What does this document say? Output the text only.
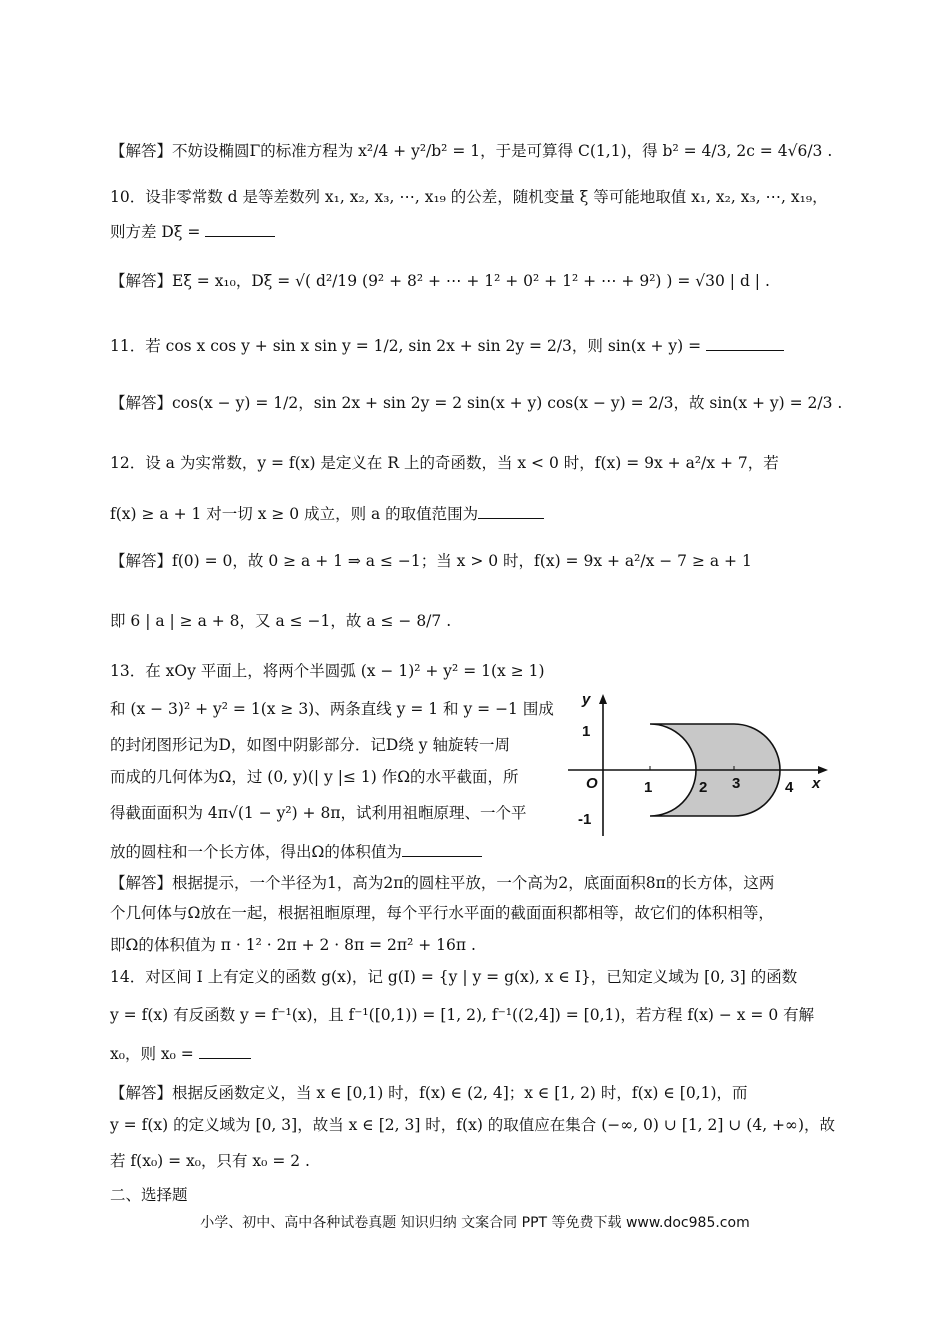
【解答】不妨设椭圆Γ的标准方程为 x²/4 + y²/b² = 1，于是可算得 C(1,1)，得 b² = 4/3, 2c = 4√6/3 .
10．设非零常数 d 是等差数列 x₁, x₂, x₃, ⋯, x₁₉ 的公差，随机变量 ξ 等可能地取值 x₁, x₂, x₃, ⋯, x₁₉，
则方差 Dξ =
【解答】Eξ = x₁₀，Dξ = √( d²/19 (9² + 8² + ⋯ + 1² + 0² + 1² + ⋯ + 9²) ) = √30 | d | .
11．若 cos x cos y + sin x sin y = 1/2, sin 2x + sin 2y = 2/3，则 sin(x + y) =
【解答】cos(x − y) = 1/2，sin 2x + sin 2y = 2 sin(x + y) cos(x − y) = 2/3，故 sin(x + y) = 2/3 .
12．设 a 为实常数，y = f(x) 是定义在 R 上的奇函数，当 x < 0 时，f(x) = 9x + a²/x + 7，若
f(x) ≥ a + 1 对一切 x ≥ 0 成立，则 a 的取值范围为
【解答】f(0) = 0，故 0 ≥ a + 1 ⇒ a ≤ −1；当 x > 0 时，f(x) = 9x + a²/x − 7 ≥ a + 1
即 6 | a | ≥ a + 8，又 a ≤ −1，故 a ≤ − 8/7 .
13．在 xOy 平面上，将两个半圆弧 (x − 1)² + y² = 1(x ≥ 1)
和 (x − 3)² + y² = 1(x ≥ 3)、两条直线 y = 1 和 y = −1 围成
的封闭图形记为D，如图中阴影部分．记D绕 y 轴旋转一周
而成的几何体为Ω，过 (0, y)(| y |≤ 1) 作Ω的水平截面，所
得截面面积为 4π√(1 − y²) + 8π，试利用祖暅原理、一个平
放的圆柱和一个长方体，得出Ω的体积值为
y
x
O
1
-1
1	2 3	4
【解答】根据提示，一个半径为1，高为2π的圆柱平放，一个高为2，底面面积8π的长方体，这两
个几何体与Ω放在一起，根据祖暅原理，每个平行水平面的截面面积都相等，故它们的体积相等，
即Ω的体积值为 π · 1² · 2π + 2 · 8π = 2π² + 16π .
14．对区间 I 上有定义的函数 g(x)，记 g(I) = {y | y = g(x), x ∈ I}，已知定义域为 [0, 3] 的函数
y = f(x) 有反函数 y = f⁻¹(x)，且 f⁻¹([0,1)) = [1, 2), f⁻¹((2,4]) = [0,1)，若方程 f(x) − x = 0 有解
x₀，则 x₀ =
【解答】根据反函数定义，当 x ∈ [0,1) 时，f(x) ∈ (2, 4]；x ∈ [1, 2) 时，f(x) ∈ [0,1)，而
y = f(x) 的定义域为 [0, 3]，故当 x ∈ [2, 3] 时，f(x) 的取值应在集合 (−∞, 0) ∪ [1, 2] ∪ (4, +∞)，故
若 f(x₀) = x₀，只有 x₀ = 2 .
二、选择题
小学、初中、高中各种试卷真题 知识归纳 文案合同 PPT 等免费下载 www.doc985.com
